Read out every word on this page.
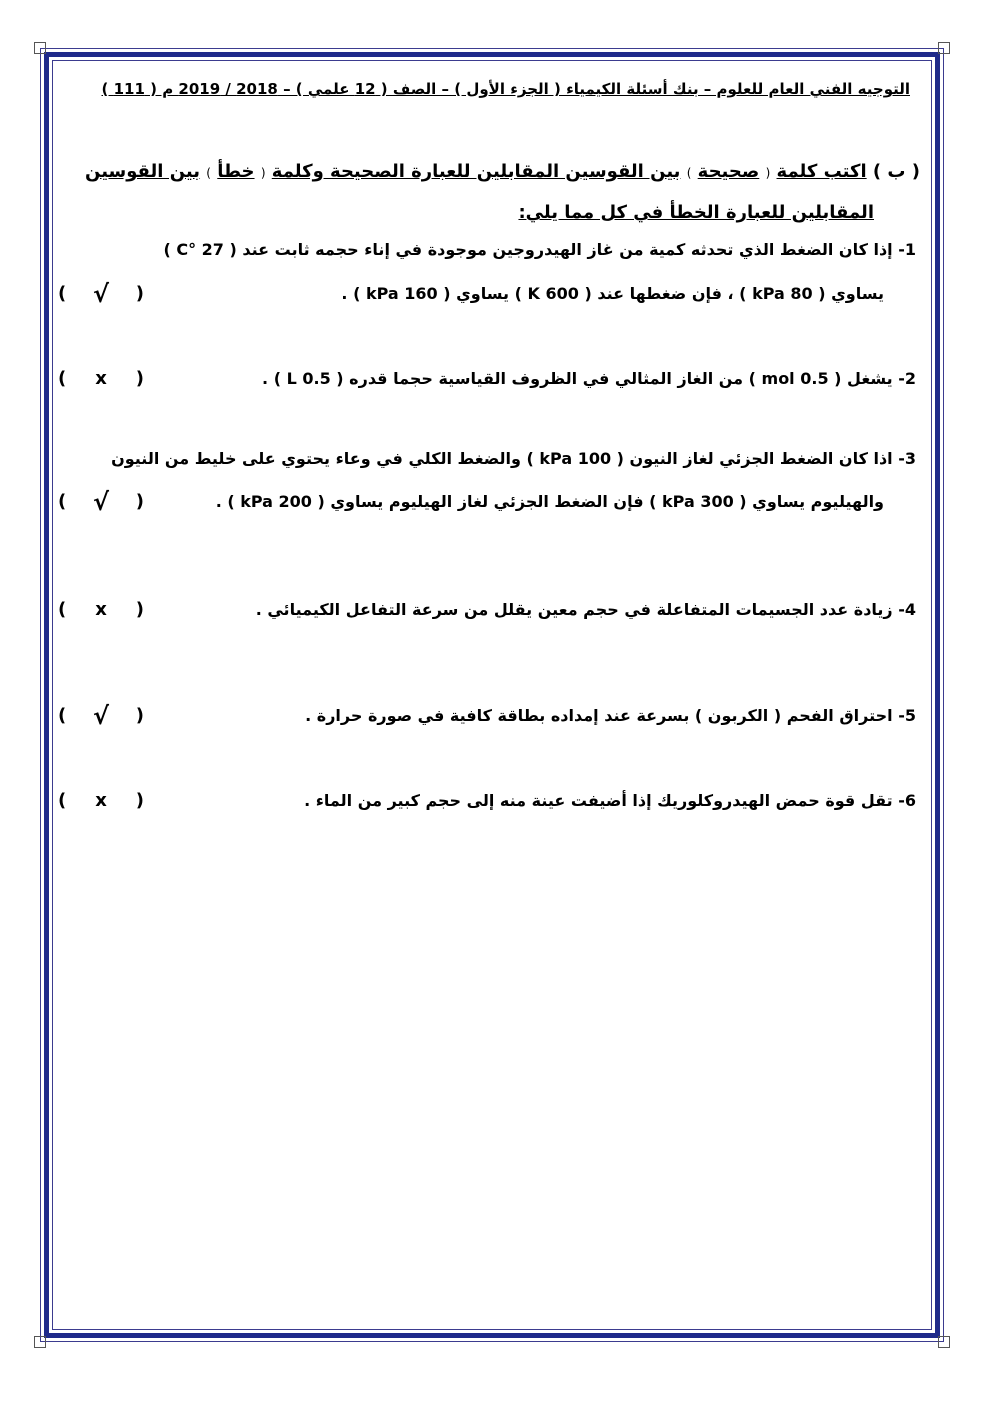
التوجيه الفني العام للعلوم – بنك أسئلة الكيمياء ( الجزء الأول ) – الصف ( 12 علمي ) – 2018 / 2019 م ( 111 )
( ب ) اكتب كلمة ( صحيحة ) بين القوسين المقابلين للعبارة الصحيحة وكلمة ( خطأ ) بين القوسين
المقابلين للعبارة الخطأ في كل مما يلي:
1- إذا كان الضغط الذي تحدثه كمية من غاز الهيدروجين موجودة في إناء حجمه ثابت عند ( C° 27 )
يساوي ( 80 kPa ) ، فإن ضغطها عند ( 600 K ) يساوي ( 160 kPa ) .
( √	)
2- يشغل ( 0.5 mol ) من الغاز المثالي في الظروف القياسية حجما قدره ( 0.5 L ) .
(	x	)
3- اذا كان الضغط الجزئي لغاز النيون ( 100 kPa ) والضغط الكلي في وعاء يحتوي على خليط من النيون
والهيليوم يساوي ( 300 kPa ) فإن الضغط الجزئي لغاز الهيليوم يساوي ( 200 kPa ) .
( √	)
4- زيادة عدد الجسيمات المتفاعلة في حجم معين يقلل من سرعة التفاعل الكيميائي .
(	x	)
5- احتراق الفحم ( الكربون ) بسرعة عند إمداده بطاقة كافية في صورة حرارة .
( √	)
6- تقل قوة حمض الهيدروكلوريك إذا أضيفت عينة منه إلى حجم كبير من الماء .
(	x	)
